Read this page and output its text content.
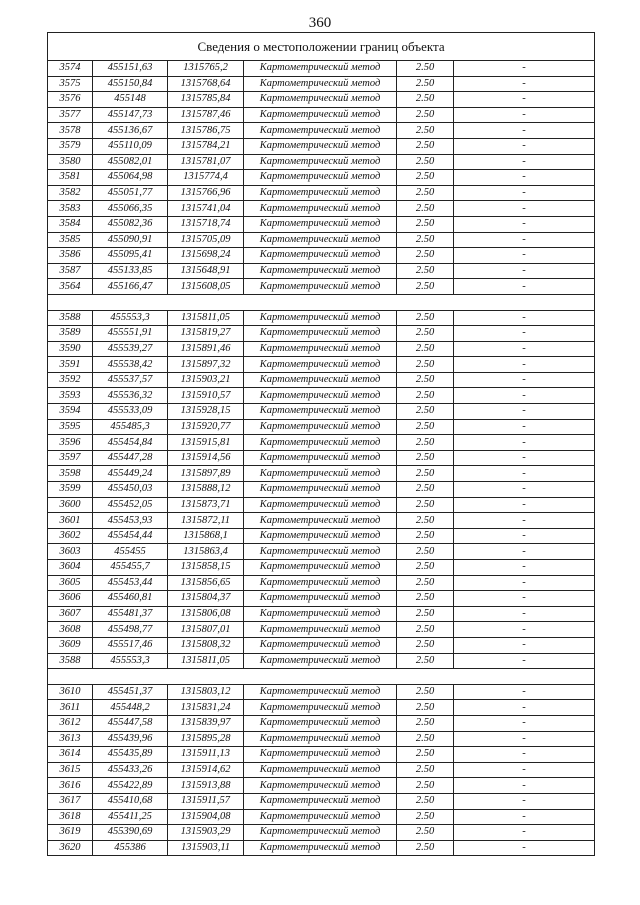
360
Сведения о местоположении границ объекта					
3574	455151,63	1315765,2	Картометрический метод	2.50	-
3575	455150,84	1315768,64	Картометрический метод	2.50	-
3576	455148	1315785,84	Картометрический метод	2.50	-
3577	455147,73	1315787,46	Картометрический метод	2.50	-
3578	455136,67	1315786,75	Картометрический метод	2.50	-
3579	455110,09	1315784,21	Картометрический метод	2.50	-
3580	455082,01	1315781,07	Картометрический метод	2.50	-
3581	455064,98	1315774,4	Картометрический метод	2.50	-
3582	455051,77	1315766,96	Картометрический метод	2.50	-
3583	455066,35	1315741,04	Картометрический метод	2.50	-
3584	455082,36	1315718,74	Картометрический метод	2.50	-
3585	455090,91	1315705,09	Картометрический метод	2.50	-
3586	455095,41	1315698,24	Картометрический метод	2.50	-
3587	455133,85	1315648,91	Картометрический метод	2.50	-
3564	455166,47	1315608,05	Картометрический метод	2.50	-

3588	455553,3	1315811,05	Картометрический метод	2.50	-
3589	455551,91	1315819,27	Картометрический метод	2.50	-
3590	455539,27	1315891,46	Картометрический метод	2.50	-
3591	455538,42	1315897,32	Картометрический метод	2.50	-
3592	455537,57	1315903,21	Картометрический метод	2.50	-
3593	455536,32	1315910,57	Картометрический метод	2.50	-
3594	455533,09	1315928,15	Картометрический метод	2.50	-
3595	455485,3	1315920,77	Картометрический метод	2.50	-
3596	455454,84	1315915,81	Картометрический метод	2.50	-
3597	455447,28	1315914,56	Картометрический метод	2.50	-
3598	455449,24	1315897,89	Картометрический метод	2.50	-
3599	455450,03	1315888,12	Картометрический метод	2.50	-
3600	455452,05	1315873,71	Картометрический метод	2.50	-
3601	455453,93	1315872,11	Картометрический метод	2.50	-
3602	455454,44	1315868,1	Картометрический метод	2.50	-
3603	455455	1315863,4	Картометрический метод	2.50	-
3604	455455,7	1315858,15	Картометрический метод	2.50	-
3605	455453,44	1315856,65	Картометрический метод	2.50	-
3606	455460,81	1315804,37	Картометрический метод	2.50	-
3607	455481,37	1315806,08	Картометрический метод	2.50	-
3608	455498,77	1315807,01	Картометрический метод	2.50	-
3609	455517,46	1315808,32	Картометрический метод	2.50	-
3588	455553,3	1315811,05	Картометрический метод	2.50	-

3610	455451,37	1315803,12	Картометрический метод	2.50	-
3611	455448,2	1315831,24	Картометрический метод	2.50	-
3612	455447,58	1315839,97	Картометрический метод	2.50	-
3613	455439,96	1315895,28	Картометрический метод	2.50	-
3614	455435,89	1315911,13	Картометрический метод	2.50	-
3615	455433,26	1315914,62	Картометрический метод	2.50	-
3616	455422,89	1315913,88	Картометрический метод	2.50	-
3617	455410,68	1315911,57	Картометрический метод	2.50	-
3618	455411,25	1315904,08	Картометрический метод	2.50	-
3619	455390,69	1315903,29	Картометрический метод	2.50	-
3620	455386	1315903,11	Картометрический метод	2.50	-
